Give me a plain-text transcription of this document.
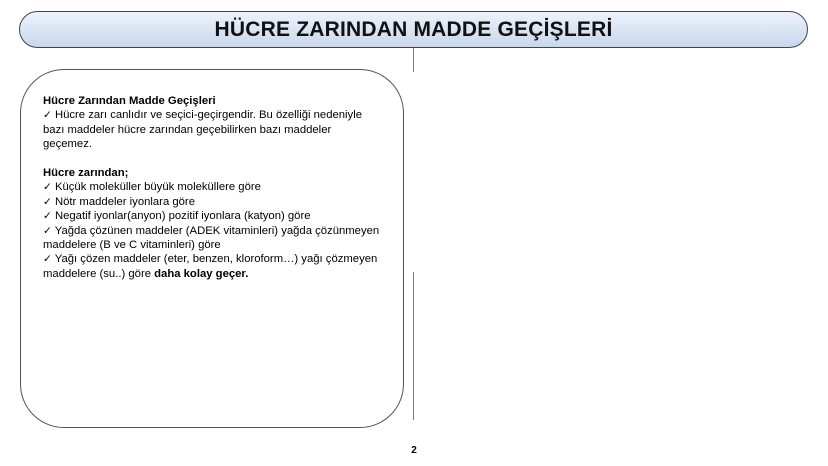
HÜCRE ZARINDAN MADDE GEÇİŞLERİ

Hücre Zarından Madde Geçişleri

✓ Hücre zarı canlıdır ve seçici-geçirgendir. Bu özelliği nedeniyle bazı maddeler hücre zarından geçebilirken bazı maddeler geçemez.

Hücre zarından;

✓ Küçük moleküller büyük moleküllere göre

✓ Nötr maddeler iyonlara göre

✓ Negatif iyonlar(anyon) pozitif iyonlara (katyon) göre

✓ Yağda çözünen maddeler (ADEK vitaminleri) yağda çözünmeyen maddelere (B ve C vitaminleri) göre

✓ Yağı çözen maddeler (eter, benzen, kloroform…) yağı çözmeyen maddelere (su..) göre daha kolay geçer.

2
